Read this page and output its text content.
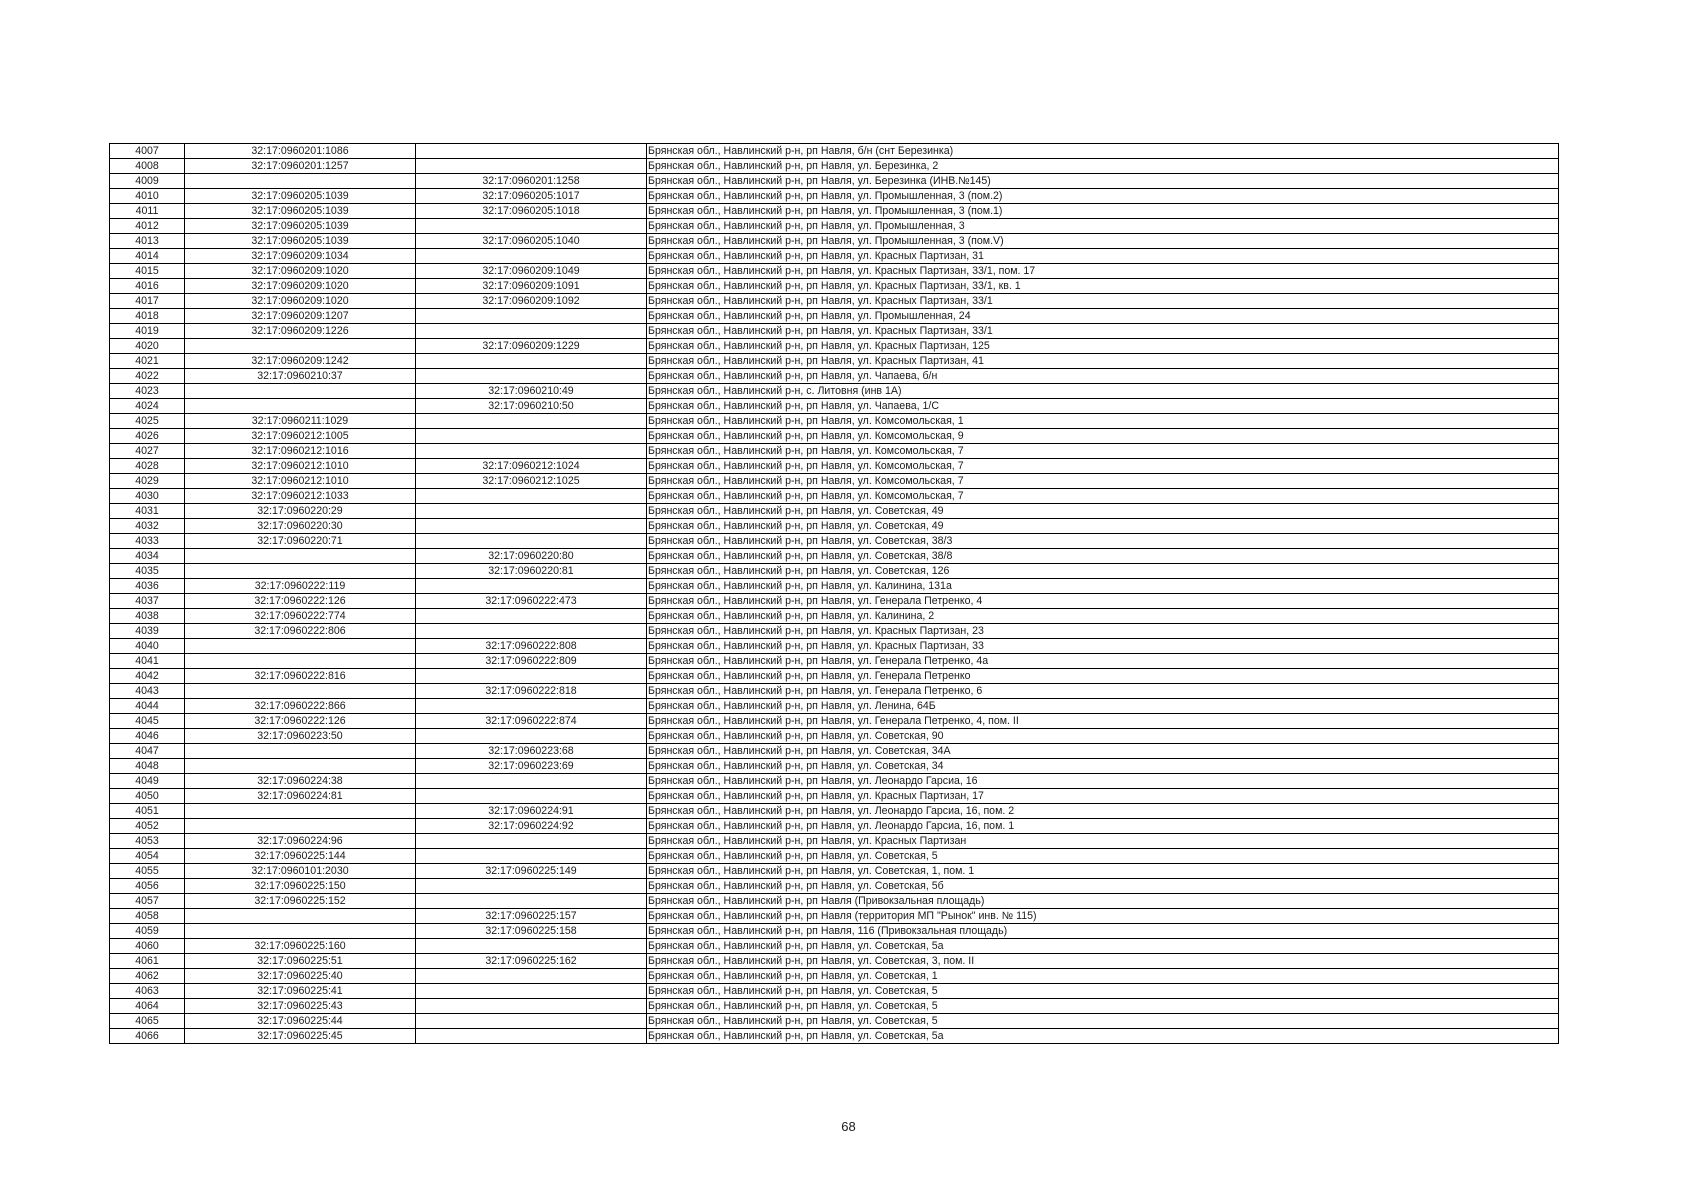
4007	32:17:0960201:1086		Брянская обл., Навлинский р-н, рп Навля, б/н (снт Березинка)
4008	32:17:0960201:1257		Брянская обл., Навлинский р-н, рп Навля, ул. Березинка, 2
4009		32:17:0960201:1258	Брянская обл., Навлинский р-н, рп Навля, ул. Березинка (ИНВ.№145)
4010	32:17:0960205:1039	32:17:0960205:1017	Брянская обл., Навлинский р-н, рп Навля, ул. Промышленная, 3 (пом.2)
4011	32:17:0960205:1039	32:17:0960205:1018	Брянская обл., Навлинский р-н, рп Навля, ул. Промышленная, 3 (пом.1)
4012	32:17:0960205:1039		Брянская обл., Навлинский р-н, рп Навля, ул. Промышленная, 3
4013	32:17:0960205:1039	32:17:0960205:1040	Брянская обл., Навлинский р-н, рп Навля, ул. Промышленная, 3 (пом.V)
4014	32:17:0960209:1034		Брянская обл., Навлинский р-н, рп Навля, ул. Красных Партизан, 31
4015	32:17:0960209:1020	32:17:0960209:1049	Брянская обл., Навлинский р-н, рп Навля, ул. Красных Партизан, 33/1, пом. 17
4016	32:17:0960209:1020	32:17:0960209:1091	Брянская обл., Навлинский р-н, рп Навля, ул. Красных Партизан, 33/1, кв. 1
4017	32:17:0960209:1020	32:17:0960209:1092	Брянская обл., Навлинский р-н, рп Навля, ул. Красных Партизан, 33/1
4018	32:17:0960209:1207		Брянская обл., Навлинский р-н, рп Навля, ул. Промышленная, 24
4019	32:17:0960209:1226		Брянская обл., Навлинский р-н, рп Навля, ул. Красных Партизан, 33/1
4020		32:17:0960209:1229	Брянская обл., Навлинский р-н, рп Навля, ул. Красных Партизан, 125
4021	32:17:0960209:1242		Брянская обл., Навлинский р-н, рп Навля, ул. Красных Партизан, 41
4022	32:17:0960210:37		Брянская обл., Навлинский р-н, рп Навля, ул. Чапаева, б/н
4023		32:17:0960210:49	Брянская обл., Навлинский р-н, с. Литовня (инв 1А)
4024		32:17:0960210:50	Брянская обл., Навлинский р-н, рп Навля, ул. Чапаева, 1/С
4025	32:17:0960211:1029		Брянская обл., Навлинский р-н, рп Навля, ул. Комсомольская, 1
4026	32:17:0960212:1005		Брянская обл., Навлинский р-н, рп Навля, ул. Комсомольская, 9
4027	32:17:0960212:1016		Брянская обл., Навлинский р-н, рп Навля, ул. Комсомольская, 7
4028	32:17:0960212:1010	32:17:0960212:1024	Брянская обл., Навлинский р-н, рп Навля, ул. Комсомольская, 7
4029	32:17:0960212:1010	32:17:0960212:1025	Брянская обл., Навлинский р-н, рп Навля, ул. Комсомольская, 7
4030	32:17:0960212:1033		Брянская обл., Навлинский р-н, рп Навля, ул. Комсомольская, 7
4031	32:17:0960220:29		Брянская обл., Навлинский р-н, рп Навля, ул. Советская, 49
4032	32:17:0960220:30		Брянская обл., Навлинский р-н, рп Навля, ул. Советская, 49
4033	32:17:0960220:71		Брянская обл., Навлинский р-н, рп Навля, ул. Советская, 38/3
4034		32:17:0960220:80	Брянская обл., Навлинский р-н, рп Навля, ул. Советская, 38/8
4035		32:17:0960220:81	Брянская обл., Навлинский р-н, рп Навля, ул. Советская, 126
4036	32:17:0960222:119		Брянская обл., Навлинский р-н, рп Навля, ул. Калинина, 131а
4037	32:17:0960222:126	32:17:0960222:473	Брянская обл., Навлинский р-н, рп Навля, ул. Генерала Петренко, 4
4038	32:17:0960222:774		Брянская обл., Навлинский р-н, рп Навля, ул. Калинина, 2
4039	32:17:0960222:806		Брянская обл., Навлинский р-н, рп Навля, ул. Красных Партизан, 23
4040		32:17:0960222:808	Брянская обл., Навлинский р-н, рп Навля, ул. Красных Партизан, 33
4041		32:17:0960222:809	Брянская обл., Навлинский р-н, рп Навля, ул. Генерала Петренко, 4а
4042	32:17:0960222:816		Брянская обл., Навлинский р-н, рп Навля, ул. Генерала Петренко
4043		32:17:0960222:818	Брянская обл., Навлинский р-н, рп Навля, ул. Генерала Петренко, 6
4044	32:17:0960222:866		Брянская обл., Навлинский р-н, рп Навля, ул. Ленина, 64Б
4045	32:17:0960222:126	32:17:0960222:874	Брянская обл., Навлинский р-н, рп Навля, ул. Генерала Петренко, 4, пом. II
4046	32:17:0960223:50		Брянская обл., Навлинский р-н, рп Навля, ул. Советская, 90
4047		32:17:0960223:68	Брянская обл., Навлинский р-н, рп Навля, ул. Советская, 34А
4048		32:17:0960223:69	Брянская обл., Навлинский р-н, рп Навля, ул. Советская, 34
4049	32:17:0960224:38		Брянская обл., Навлинский р-н, рп Навля, ул. Леонардо Гарсиа, 16
4050	32:17:0960224:81		Брянская обл., Навлинский р-н, рп Навля, ул. Красных Партизан, 17
4051		32:17:0960224:91	Брянская обл., Навлинский р-н, рп Навля, ул. Леонардо Гарсиа, 16, пом. 2
4052		32:17:0960224:92	Брянская обл., Навлинский р-н, рп Навля, ул. Леонардо Гарсиа, 16, пом. 1
4053	32:17:0960224:96		Брянская обл., Навлинский р-н, рп Навля, ул. Красных Партизан
4054	32:17:0960225:144		Брянская обл., Навлинский р-н, рп Навля, ул. Советская, 5
4055	32:17:0960101:2030	32:17:0960225:149	Брянская обл., Навлинский р-н, рп Навля, ул. Советская, 1, пом. 1
4056	32:17:0960225:150		Брянская обл., Навлинский р-н, рп Навля, ул. Советская, 5б
4057	32:17:0960225:152		Брянская обл., Навлинский р-н, рп Навля (Привокзальная площадь)
4058		32:17:0960225:157	Брянская обл., Навлинский р-н, рп Навля (территория МП "Рынок" инв. № 115)
4059		32:17:0960225:158	Брянская обл., Навлинский р-н, рп Навля, 116 (Привокзальная площадь)
4060	32:17:0960225:160		Брянская обл., Навлинский р-н, рп Навля, ул. Советская, 5а
4061	32:17:0960225:51	32:17:0960225:162	Брянская обл., Навлинский р-н, рп Навля, ул. Советская, 3, пом. II
4062	32:17:0960225:40		Брянская обл., Навлинский р-н, рп Навля, ул. Советская, 1
4063	32:17:0960225:41		Брянская обл., Навлинский р-н, рп Навля, ул. Советская, 5
4064	32:17:0960225:43		Брянская обл., Навлинский р-н, рп Навля, ул. Советская, 5
4065	32:17:0960225:44		Брянская обл., Навлинский р-н, рп Навля, ул. Советская, 5
4066	32:17:0960225:45		Брянская обл., Навлинский р-н, рп Навля, ул. Советская, 5а
68
